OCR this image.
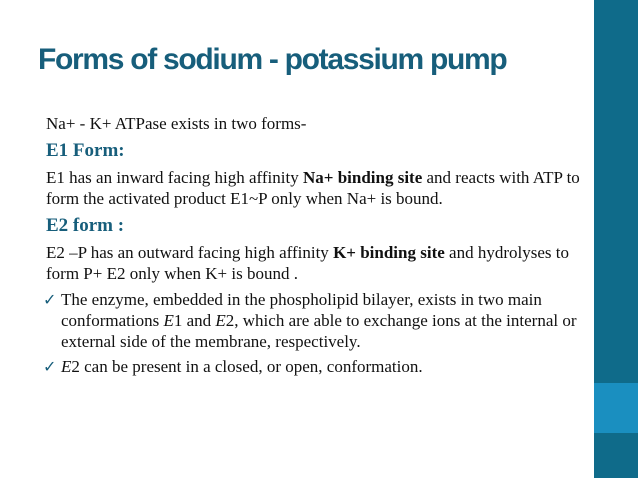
Forms of sodium - potassium pump
Na+ - K+ ATPase exists in two forms-
E1 Form:
E1 has an inward facing high affinity Na+ binding site and reacts with ATP to form the activated product E1~P only when Na+ is bound.
E2 form :
E2 –P has an outward facing high affinity K+ binding site and hydrolyses to form P+ E2 only when K+ is bound .
✓ The enzyme, embedded in the phospholipid bilayer, exists in two main conformations E1 and E2, which are able to exchange ions at the internal or external side of the membrane, respectively.
✓ E2 can be present in a closed, or open, conformation.
